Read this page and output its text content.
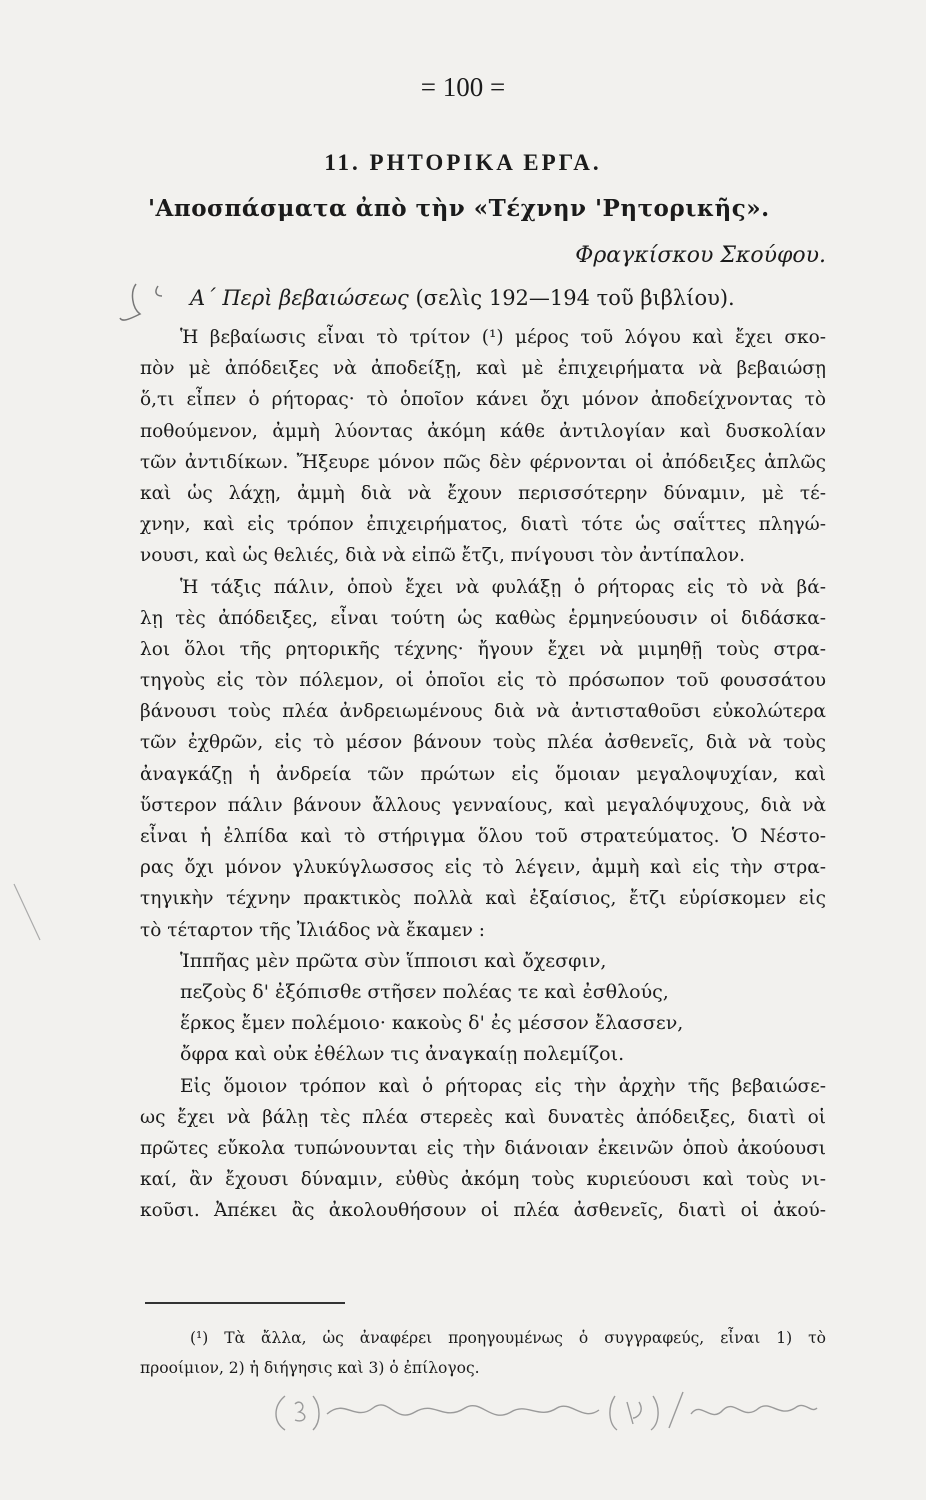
= 100 =
11. ΡΗΤΟΡΙΚΑ ΕΡΓΑ.
'Αποσπάσματα ἀπὸ τὴν «Τέχνην 'Ρητορικῆς».
Φραγκίσκου Σκούφου.
Α΄ Περὶ βεβαιώσεως (σελὶς 192—194 τοῦ βιβλίου).
Ἡ βεβαίωσις εἶναι τὸ τρίτον (¹) μέρος τοῦ λόγου καὶ ἔχει σκο-
πὸν μὲ ἀπόδειξες νὰ ἀποδείξῃ, καὶ μὲ ἐπιχειρήματα νὰ βεβαιώσῃ
ὅ,τι εἶπεν ὁ ρήτορας· τὸ ὁποῖον κάνει ὄχι μόνον ἀποδείχνοντας τὸ
ποθούμενον, ἀμμὴ λύοντας ἀκόμη κάθε ἀντιλογίαν καὶ δυσκολίαν
τῶν ἀντιδίκων. Ἤξευρε μόνον πῶς δὲν φέρνονται οἱ ἀπόδειξες ἁπλῶς
καὶ ὡς λάχῃ, ἀμμὴ διὰ νὰ ἔχουν περισσότερην δύναμιν, μὲ τέ-
χνην, καὶ εἰς τρόπον ἐπιχειρήματος, διατὶ τότε ὡς σαΐττες πληγώ-
νουσι, καὶ ὡς θελιές, διὰ νὰ εἰπῶ ἔτζι, πνίγουσι τὸν ἀντίπαλον.
Ἡ τάξις πάλιν, ὁποὺ ἔχει νὰ φυλάξῃ ὁ ρήτορας εἰς τὸ νὰ βά-
λῃ τὲς ἀπόδειξες, εἶναι τούτη ὡς καθὼς ἑρμηνεύουσιν οἱ διδάσκα-
λοι ὅλοι τῆς ρητορικῆς τέχνης· ἤγουν ἔχει νὰ μιμηθῇ τοὺς στρα-
τηγοὺς εἰς τὸν πόλεμον, οἱ ὁποῖοι εἰς τὸ πρόσωπον τοῦ φουσσάτου
βάνουσι τοὺς πλέα ἀνδρειωμένους διὰ νὰ ἀντισταθοῦσι εὐκολώτερα
τῶν ἐχθρῶν, εἰς τὸ μέσον βάνουν τοὺς πλέα ἀσθενεῖς, διὰ νὰ τοὺς
ἀναγκάζῃ ἡ ἀνδρεία τῶν πρώτων εἰς ὅμοιαν μεγαλοψυχίαν, καὶ
ὕστερον πάλιν βάνουν ἄλλους γενναίους, καὶ μεγαλόψυχους, διὰ νὰ
εἶναι ἡ ἐλπίδα καὶ τὸ στήριγμα ὅλου τοῦ στρατεύματος. Ὁ Νέστο-
ρας ὄχι μόνον γλυκύγλωσσος εἰς τὸ λέγειν, ἀμμὴ καὶ εἰς τὴν στρα-
τηγικὴν τέχνην πρακτικὸς πολλὰ καὶ ἐξαίσιος, ἔτζι εὑρίσκομεν εἰς
τὸ τέταρτον τῆς Ἰλιάδος νὰ ἔκαμεν :
Ἱππῆας μὲν πρῶτα σὺν ἵπποισι καὶ ὄχεσφιν,
πεζοὺς δ' ἐξόπισθε στῆσεν πολέας τε καὶ ἐσθλούς,
ἕρκος ἔμεν πολέμοιο· κακοὺς δ' ἐς μέσσον ἔλασσεν,
ὄφρα καὶ οὐκ ἐθέλων τις ἀναγκαίῃ πολεμίζοι.
Εἰς ὅμοιον τρόπον καὶ ὁ ρήτορας εἰς τὴν ἀρχὴν τῆς βεβαιώσε-
ως ἔχει νὰ βάλῃ τὲς πλέα στερεὲς καὶ δυνατὲς ἀπόδειξες, διατὶ οἱ
πρῶτες εὔκολα τυπώνουνται εἰς τὴν διάνοιαν ἐκεινῶν ὁποὺ ἀκούουσι
καί, ἂν ἔχουσι δύναμιν, εὐθὺς ἀκόμη τοὺς κυριεύουσι καὶ τοὺς νι-
κοῦσι. Ἀπέκει ἂς ἀκολουθήσουν οἱ πλέα ἀσθενεῖς, διατὶ οἱ ἀκού-
(¹) Τὰ ἄλλα, ὡς ἀναφέρει προηγουμένως ὁ συγγραφεύς, εἶναι 1) τὸ
προοίμιον, 2) ἡ διήγησις καὶ 3) ὁ ἐπίλογος.
